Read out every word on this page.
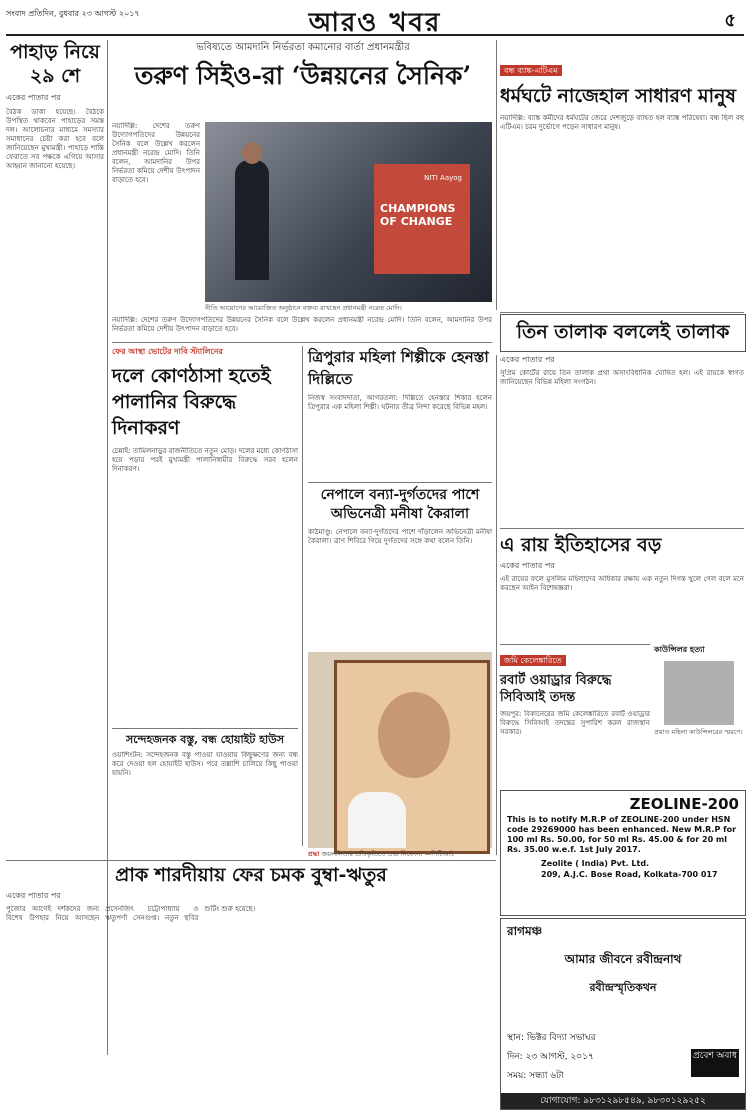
সংবাদ প্রতিদিন, বুধবার ২৩ আগস্ট ২০১৭	আরও খবর	৫
পাহাড় নিয়ে ২৯ শে
একের পাতার পর
বৈঠক ডাকা হয়েছে। বৈঠকে উপস্থিত থাকবেন পাহাড়ের সমস্ত দল। আলোচনার মাধ্যমে সমস্যার সমাধানের চেষ্টা করা হবে বলে জানিয়েছেন মুখ্যমন্ত্রী। পাহাড়ে শান্তি ফেরাতে সব পক্ষকে এগিয়ে আসার আহ্বান জানানো হয়েছে।
ভবিষ্যতে আমদানি নির্ভরতা কমানোর বার্তা প্রধানমন্ত্রীর
তরুণ সিইও-রা ‘উন্নয়নের সৈনিক’
নয়াদিল্লি: দেশের তরুণ উদ্যোগপতিদের উন্নয়নের সৈনিক বলে উল্লেখ করলেন প্রধানমন্ত্রী নরেন্দ্র মোদি। তিনি বলেন, আমদানির উপর নির্ভরতা কমিয়ে দেশীয় উৎপাদন বাড়াতে হবে।	NITI Aayog
CHAMPIONS OF CHANGE
নীতি আয়োগের আয়োজিত অনুষ্ঠানে বক্তব্য রাখছেন প্রধানমন্ত্রী নরেন্দ্র মোদি।
নয়াদিল্লি: দেশের তরুণ উদ্যোগপতিদের উন্নয়নের সৈনিক বলে উল্লেখ করলেন প্রধানমন্ত্রী নরেন্দ্র মোদি। তিনি বলেন, আমদানির উপর নির্ভরতা কমিয়ে দেশীয় উৎপাদন বাড়াতে হবে।
বন্ধ ব্যাঙ্ক-এটিএম
ধর্মঘটে নাজেহাল সাধারণ মানুষ
নয়াদিল্লি: ব্যাঙ্ক কর্মীদের ধর্মঘটের জেরে দেশজুড়ে ব্যাহত হল ব্যাঙ্ক পরিষেবা। বন্ধ ছিল বহু এটিএম। চরম দুর্ভোগে পড়েন সাধারণ মানুষ।
তিন তালাক বললেই তালাক
ফের আস্থা ভোটের দাবি স্ট্যালিনের
দলে কোণঠাসা হতেই পালানির বিরুদ্ধে দিনাকরণ
চেন্নাই: তামিলনাড়ুর রাজনীতিতে নতুন মোড়। দলের মধ্যে কোণঠাসা হয়ে পড়ার পরই মুখ্যমন্ত্রী পালানিস্বামীর বিরুদ্ধে সরব হলেন দিনাকরণ।
ত্রিপুরার মহিলা শিল্পীকে হেনস্তা দিল্লিতে
নিজস্ব সংবাদদাতা, আগরতলা: দিল্লিতে হেনস্তার শিকার হলেন ত্রিপুরার এক মহিলা শিল্পী। ঘটনার তীব্র নিন্দা করেছে বিভিন্ন মহল।
নেপালে বন্যা-দুর্গতদের পাশে অভিনেত্রী মনীষা কৈরালা
কাঠমাণ্ডু: নেপালে বন্যা-দুর্গতদের পাশে দাঁড়ালেন অভিনেত্রী মনীষা কৈরালা। ত্রাণ শিবিরে গিয়ে দুর্গতদের সঙ্গে কথা বলেন তিনি।
শ্রদ্ধা জয়ললিতার প্রতিকৃতিতে শ্রদ্ধা নিবেদন। —পিটিআই
সন্দেহজনক বস্তু, বন্ধ হোয়াইট হাউস
ওয়াশিংটন: সন্দেহজনক বস্তু পাওয়া যাওয়ায় কিছুক্ষণের জন্য বন্ধ করে দেওয়া হল হোয়াইট হাউস। পরে তল্লাশি চালিয়ে কিছু পাওয়া যায়নি।
একের পাতার পর
সুপ্রিম কোর্টের রায়ে তিন তালাক প্রথা অসাংবিধানিক ঘোষিত হল। এই রায়কে স্বাগত জানিয়েছেন বিভিন্ন মহিলা সংগঠন।
এ রায় ইতিহাসের বড়
একের পাতার পর
এই রায়ের ফলে মুসলিম মহিলাদের অধিকার রক্ষায় এক নতুন দিগন্ত খুলে গেল বলে মনে করছেন আইন বিশেষজ্ঞরা।
জমি কেলেঙ্কারিতে
রবার্ট ওয়াড্রার বিরুদ্ধে সিবিআই তদন্ত
জয়পুর: বিকানেরের জমি কেলেঙ্কারিতে রবার্ট ওয়াড্রার বিরুদ্ধে সিবিআই তদন্তের সুপারিশ করল রাজস্থান সরকার।
কাউন্সিলর হত্যা
প্রয়াত মহিলা কাউন্সিলরের স্মরণে।
ZEOLINE-200
This is to notify M.R.P of ZEOLINE-200 under HSN code 29269000 has been enhanced. New M.R.P for 100 ml Rs. 50.00, for 50 ml Rs. 45.00 & for 20 ml Rs. 35.00 w.e.f. 1st July 2017.
Zeolite ( India) Pvt. Ltd.
209, A.J.C. Bose Road, Kolkata-700 017
প্রাক শারদীয়ায় ফের চমক বুম্বা-ঋতুর
একের পাতার পর
পুজোর আগেই দর্শকদের জন্য বিশেষ উপহার নিয়ে আসছেন প্রসেনজিৎ চট্টোপাধ্যায় ও ঋতুপর্ণা সেনগুপ্ত। নতুন ছবির শুটিং শুরু হয়েছে।
রাগমঞ্চ
আমার জীবনে রবীন্দ্রনাথ
রবীন্দ্রস্মৃতিকথন
স্থান: ভিক্টর বিদ্যা সভাঘর
দিন: ২৩ আগস্ট, ২০১৭
সময়: সন্ধ্যা ৬টা
প্রবেশ অবাধ
যোগাযোগ: ৯৮৩১২৯৮৫৪৯, ৯৮৩০১২৯২৫২
